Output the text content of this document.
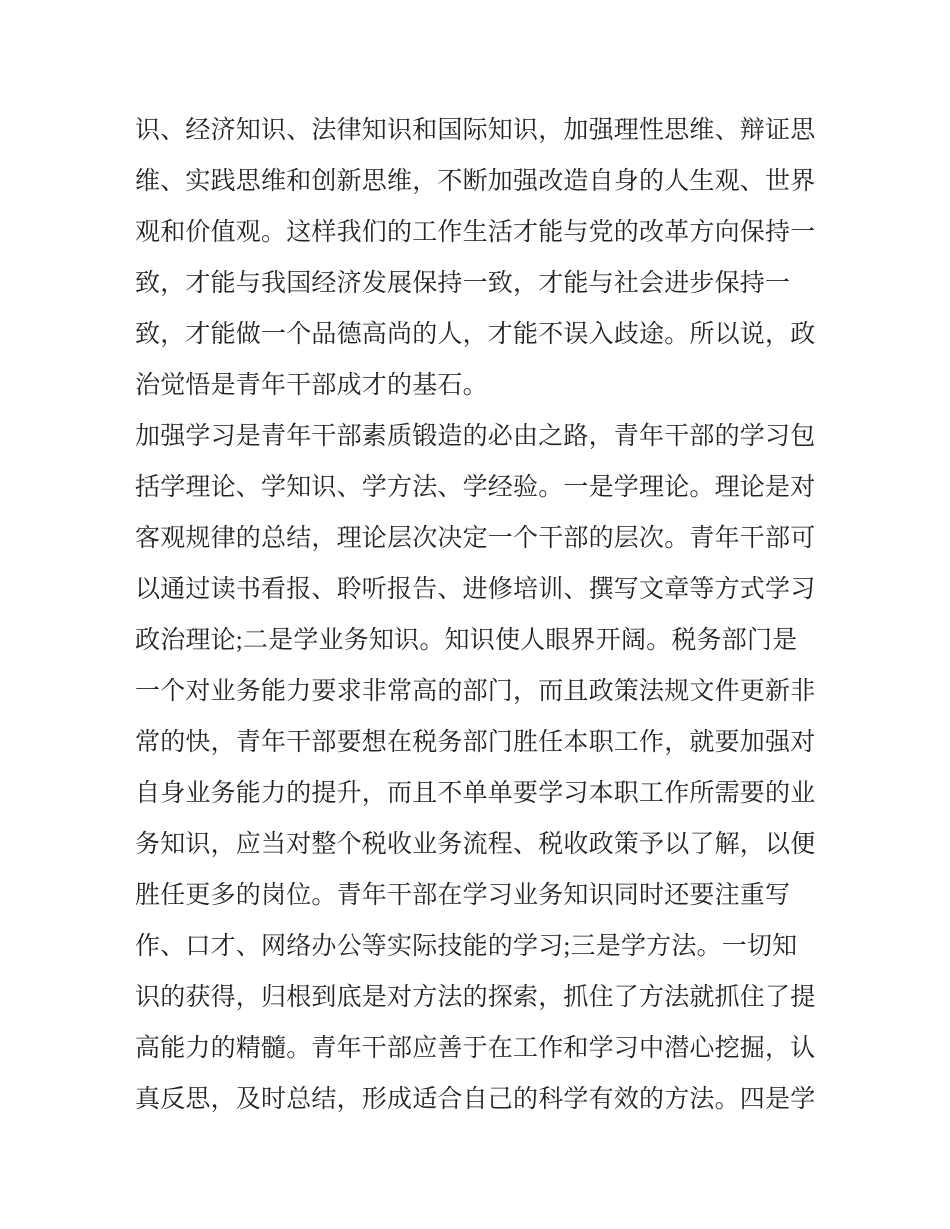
识、经济知识、法律知识和国际知识，加强理性思维、辩证思
维、实践思维和创新思维，不断加强改造自身的人生观、世界
观和价值观。这样我们的工作生活才能与党的改革方向保持一
致，才能与我国经济发展保持一致，才能与社会进步保持一
致，才能做一个品德高尚的人，才能不误入歧途。所以说，政
治觉悟是青年干部成才的基石。
加强学习是青年干部素质锻造的必由之路，青年干部的学习包
括学理论、学知识、学方法、学经验。一是学理论。理论是对
客观规律的总结，理论层次决定一个干部的层次。青年干部可
以通过读书看报、聆听报告、进修培训、撰写文章等方式学习
政治理论;二是学业务知识。知识使人眼界开阔。税务部门是
一个对业务能力要求非常高的部门，而且政策法规文件更新非
常的快，青年干部要想在税务部门胜任本职工作，就要加强对
自身业务能力的提升，而且不单单要学习本职工作所需要的业
务知识，应当对整个税收业务流程、税收政策予以了解，以便
胜任更多的岗位。青年干部在学习业务知识同时还要注重写
作、口才、网络办公等实际技能的学习;三是学方法。一切知
识的获得，归根到底是对方法的探索，抓住了方法就抓住了提
高能力的精髓。青年干部应善于在工作和学习中潜心挖掘，认
真反思，及时总结，形成适合自己的科学有效的方法。四是学
